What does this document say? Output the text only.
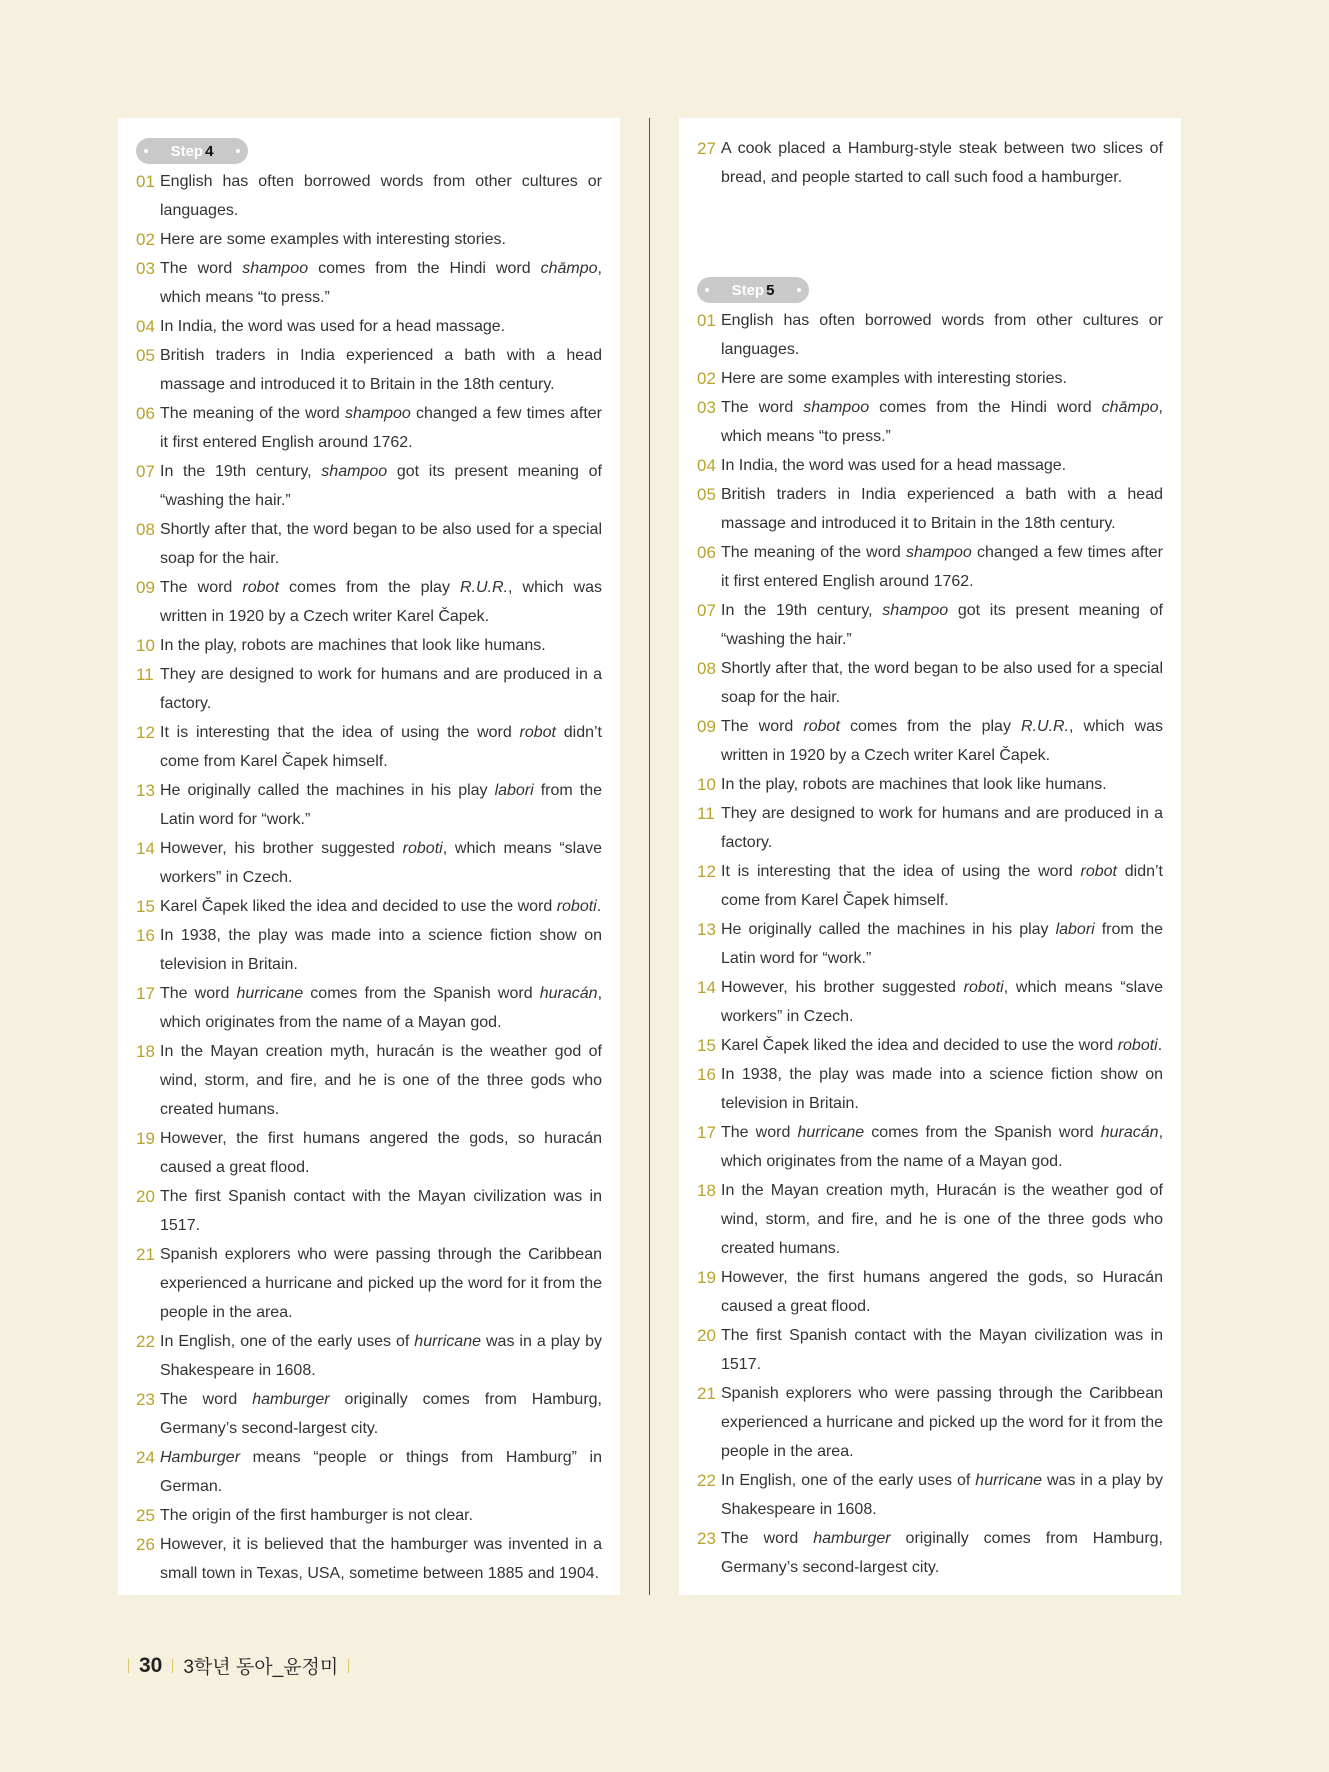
Step 4
01 English has often borrowed words from other cultures or languages.
02 Here are some examples with interesting stories.
03 The word shampoo comes from the Hindi word chāmpo, which means “to press.”
04 In India, the word was used for a head massage.
05 British traders in India experienced a bath with a head massage and introduced it to Britain in the 18th century.
06 The meaning of the word shampoo changed a few times after it first entered English around 1762.
07 In the 19th century, shampoo got its present meaning of “washing the hair.”
08 Shortly after that, the word began to be also used for a special soap for the hair.
09 The word robot comes from the play R.U.R., which was written in 1920 by a Czech writer Karel Čapek.
10 In the play, robots are machines that look like humans.
11 They are designed to work for humans and are produced in a factory.
12 It is interesting that the idea of using the word robot didn’t come from Karel Čapek himself.
13 He originally called the machines in his play labori from the Latin word for “work.”
14 However, his brother suggested roboti, which means “slave workers” in Czech.
15 Karel Čapek liked the idea and decided to use the word roboti.
16 In 1938, the play was made into a science fiction show on television in Britain.
17 The word hurricane comes from the Spanish word huracán, which originates from the name of a Mayan god.
18 In the Mayan creation myth, huracán is the weather god of wind, storm, and fire, and he is one of the three gods who created humans.
19 However, the first humans angered the gods, so huracán caused a great flood.
20 The first Spanish contact with the Mayan civilization was in 1517.
21 Spanish explorers who were passing through the Caribbean experienced a hurricane and picked up the word for it from the people in the area.
22 In English, one of the early uses of hurricane was in a play by Shakespeare in 1608.
23 The word hamburger originally comes from Hamburg, Germany’s second-largest city.
24 Hamburger means “people or things from Hamburg” in German.
25 The origin of the first hamburger is not clear.
26 However, it is believed that the hamburger was invented in a small town in Texas, USA, sometime between 1885 and 1904.
27 A cook placed a Hamburg-style steak between two slices of bread, and people started to call such food a hamburger.
Step 5
01 English has often borrowed words from other cultures or languages.
02 Here are some examples with interesting stories.
03 The word shampoo comes from the Hindi word chāmpo, which means “to press.”
04 In India, the word was used for a head massage.
05 British traders in India experienced a bath with a head massage and introduced it to Britain in the 18th century.
06 The meaning of the word shampoo changed a few times after it first entered English around 1762.
07 In the 19th century, shampoo got its present meaning of “washing the hair.”
08 Shortly after that, the word began to be also used for a special soap for the hair.
09 The word robot comes from the play R.U.R., which was written in 1920 by a Czech writer Karel Čapek.
10 In the play, robots are machines that look like humans.
11 They are designed to work for humans and are produced in a factory.
12 It is interesting that the idea of using the word robot didn’t come from Karel Čapek himself.
13 He originally called the machines in his play labori from the Latin word for “work.”
14 However, his brother suggested roboti, which means “slave workers” in Czech.
15 Karel Čapek liked the idea and decided to use the word roboti.
16 In 1938, the play was made into a science fiction show on television in Britain.
17 The word hurricane comes from the Spanish word huracán, which originates from the name of a Mayan god.
18 In the Mayan creation myth, Huracán is the weather god of wind, storm, and fire, and he is one of the three gods who created humans.
19 However, the first humans angered the gods, so Huracán caused a great flood.
20 The first Spanish contact with the Mayan civilization was in 1517.
21 Spanish explorers who were passing through the Caribbean experienced a hurricane and picked up the word for it from the people in the area.
22 In English, one of the early uses of hurricane was in a play by Shakespeare in 1608.
23 The word hamburger originally comes from Hamburg, Germany’s second-largest city.
30 3학년 동아_윤정미
